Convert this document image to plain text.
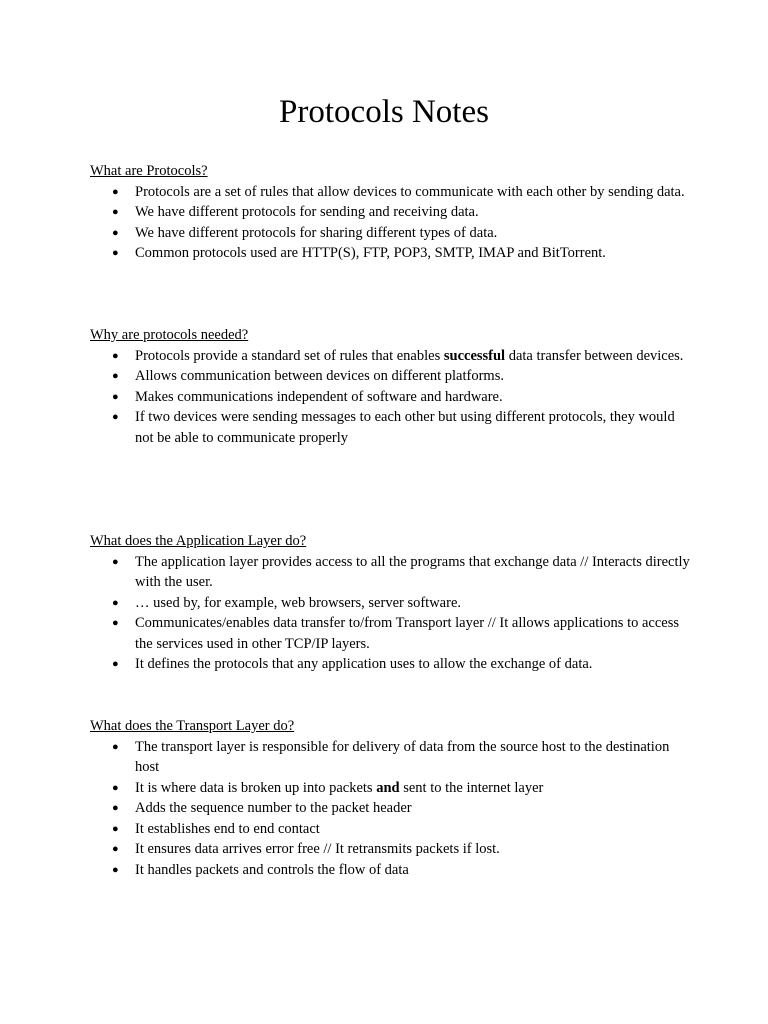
Protocols Notes
What are Protocols?
● Protocols are a set of rules that allow devices to communicate with each other by sending data.
● We have different protocols for sending and receiving data.
● We have different protocols for sharing different types of data.
● Common protocols used are HTTP(S), FTP, POP3, SMTP, IMAP and BitTorrent.
Why are protocols needed?
● Protocols provide a standard set of rules that enables successful data transfer between devices.
● Allows communication between devices on different platforms.
● Makes communications independent of software and hardware.
● If two devices were sending messages to each other but using different protocols, they would not be able to communicate properly
What does the Application Layer do?
● The application layer provides access to all the programs that exchange data // Interacts directly with the user.
● … used by, for example, web browsers, server software.
● Communicates/enables data transfer to/from Transport layer // It allows applications to access the services used in other TCP/IP layers.
● It defines the protocols that any application uses to allow the exchange of data.
What does the Transport Layer do?
● The transport layer is responsible for delivery of data from the source host to the destination host
● It is where data is broken up into packets and sent to the internet layer
● Adds the sequence number to the packet header
● It establishes end to end contact
● It ensures data arrives error free // It retransmits packets if lost.
● It handles packets and controls the flow of data
